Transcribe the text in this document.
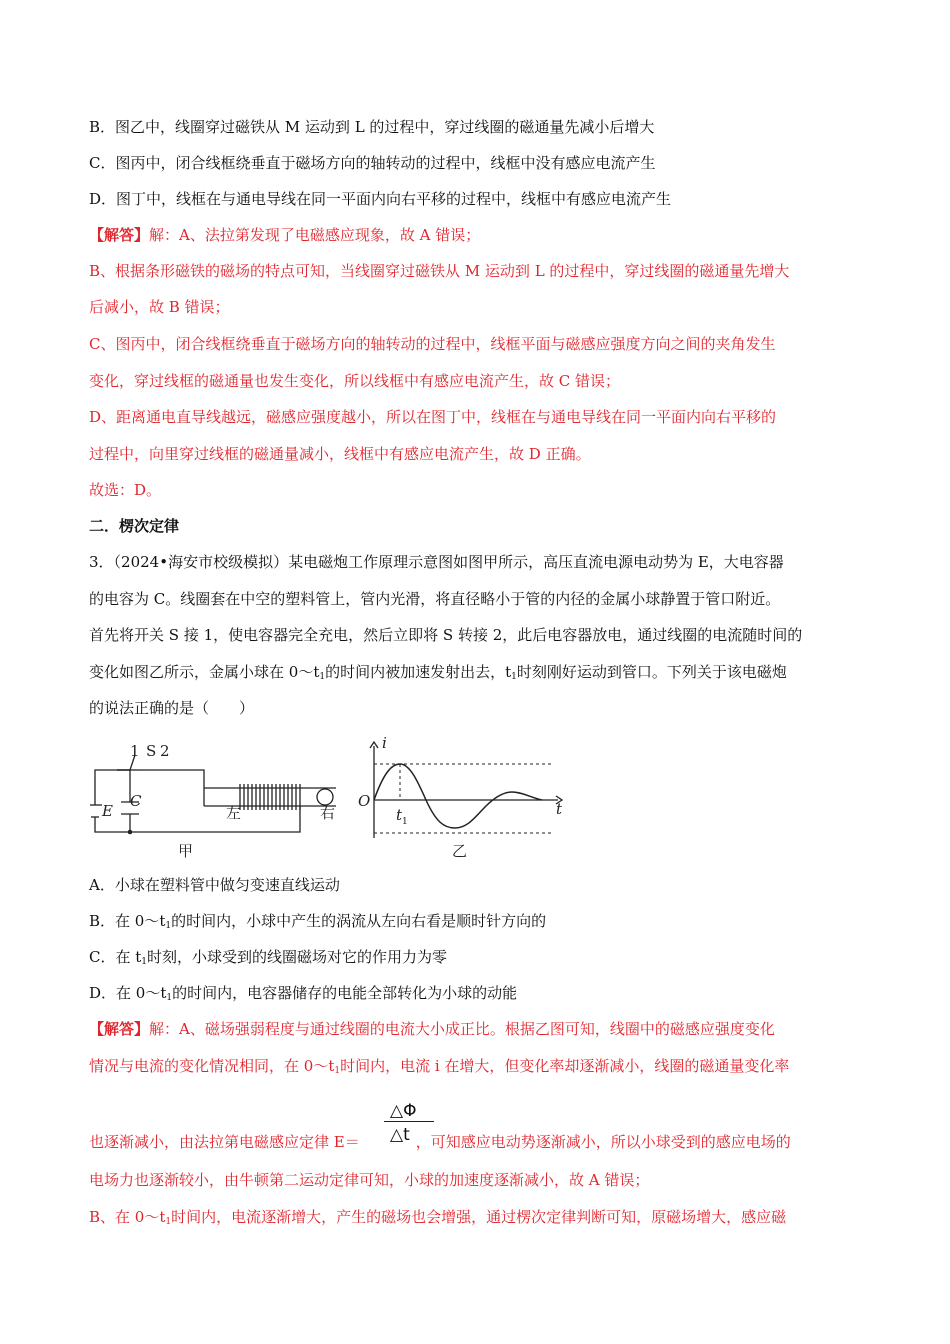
B．图乙中，线圈穿过磁铁从 M 运动到 L 的过程中，穿过线圈的磁通量先减小后增大
C．图丙中，闭合线框绕垂直于磁场方向的轴转动的过程中，线框中没有感应电流产生
D．图丁中，线框在与通电导线在同一平面内向右平移的过程中，线框中有感应电流产生
【解答】解：A、法拉第发现了电磁感应现象，故 A 错误；
B、根据条形磁铁的磁场的特点可知，当线圈穿过磁铁从 M 运动到 L 的过程中，穿过线圈的磁通量先增大
后减小，故 B 错误；
C、图丙中，闭合线框绕垂直于磁场方向的轴转动的过程中，线框平面与磁感应强度方向之间的夹角发生
变化，穿过线框的磁通量也发生变化，所以线框中有感应电流产生，故 C 错误；
D、距离通电直导线越远，磁感应强度越小，所以在图丁中，线框在与通电导线在同一平面内向右平移的
过程中，向里穿过线框的磁通量减小，线框中有感应电流产生，故 D 正确。
故选：D。
二．楞次定律
3．（2024•海安市校级模拟）某电磁炮工作原理示意图如图甲所示，高压直流电源电动势为 E，大电容器
的电容为 C。线圈套在中空的塑料管上，管内光滑，将直径略小于管的内径的金属小球静置于管口附近。
首先将开关 S 接 1，使电容器完全充电，然后立即将 S 转接 2，此后电容器放电，通过线圈的电流随时间的
变化如图乙所示，金属小球在 $0\sim t_1$的时间内被加速发射出去，$t_1$时刻刚好运动到管口。下列关于该电磁炮
的说法正确的是（　　）
1 S 2
E
C
左	右
甲
i
t
O
t 1
乙
A．小球在塑料管中做匀变速直线运动
B．在 $0\sim t_1$的时间内，小球中产生的涡流从左向右看是顺时针方向的
C．在 $t_1$时刻，小球受到的线圈磁场对它的作用力为零
D．在 $0\sim t_1$的时间内，电容器储存的电能全部转化为小球的动能
【解答】解：A、磁场强弱程度与通过线圈的电流大小成正比。根据乙图可知，线圈中的磁感应强度变化
情况与电流的变化情况相同，在 $0\sim t_1$时间内，电流 i 在增大，但变化率却逐渐减小，线圈的磁通量变化率
△Φ
△t
也逐渐减小，由法拉第电磁感应定律 E＝	，可知感应电动势逐渐减小，所以小球受到的感应电场的
电场力也逐渐较小，由牛顿第二运动定律可知，小球的加速度逐渐减小，故 A 错误；
B、在 $0\sim t_1$时间内，电流逐渐增大，产生的磁场也会增强，通过楞次定律判断可知，原磁场增大，感应磁
